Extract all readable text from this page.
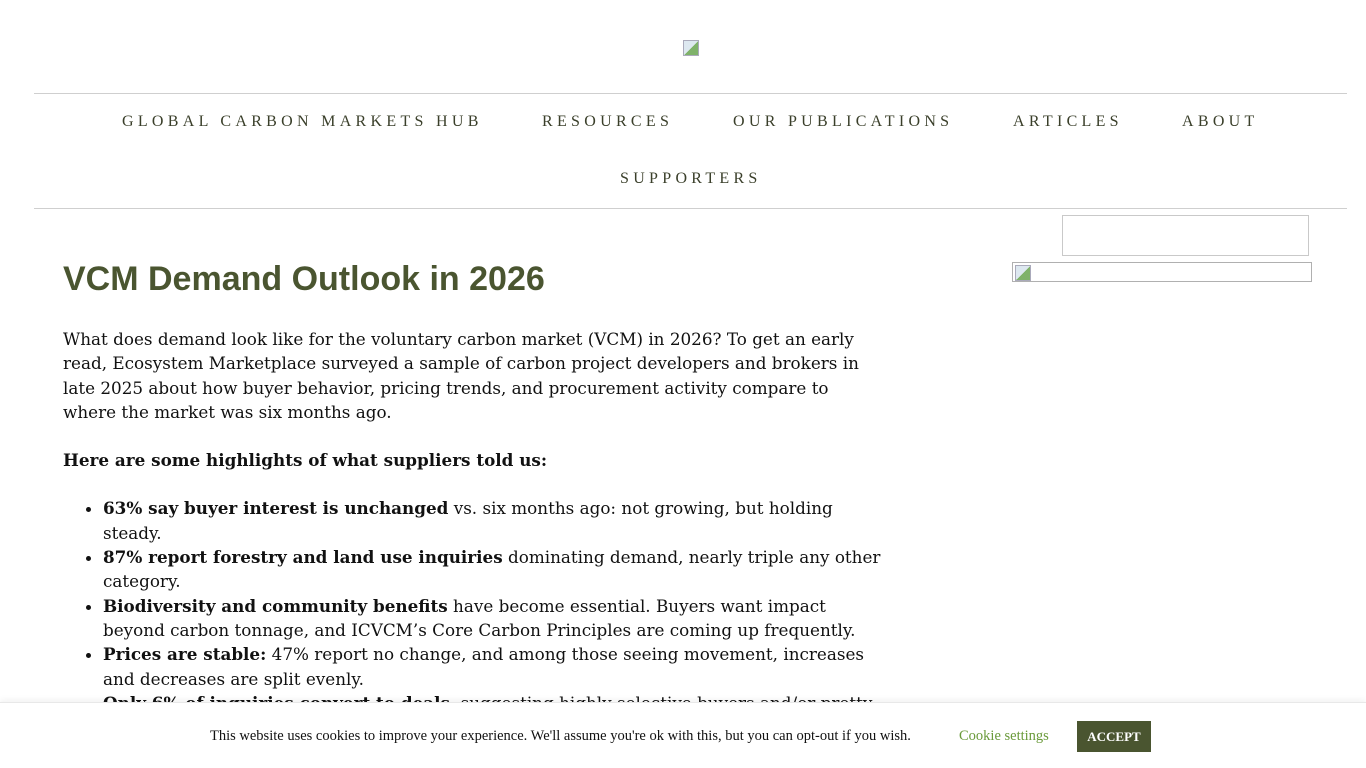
GLOBAL CARBON MARKETS HUB	RESOURCES	OUR PUBLICATIONS	ARTICLES	ABOUT
SUPPORTERS
VCM Demand Outlook in 2026

What does demand look like for the voluntary carbon market (VCM) in 2026? To get an early read, Ecosystem Marketplace surveyed a sample of carbon project developers and brokers in late 2025 about how buyer behavior, pricing trends, and procurement activity compare to where the market was six months ago.

Here are some highlights of what suppliers told us:

• 63% say buyer interest is unchanged vs. six months ago: not growing, but holding steady.
• 87% report forestry and land use inquiries dominating demand, nearly triple any other category.
• Biodiversity and community benefits have become essential. Buyers want impact beyond carbon tonnage, and ICVCM’s Core Carbon Principles are coming up frequently.
• Prices are stable: 47% report no change, and among those seeing movement, increases and decreases are split evenly.
•
This website uses cookies to improve your experience. We'll assume you're ok with this, but you can opt-out if you wish.	Cookie settings	ACCEPT
